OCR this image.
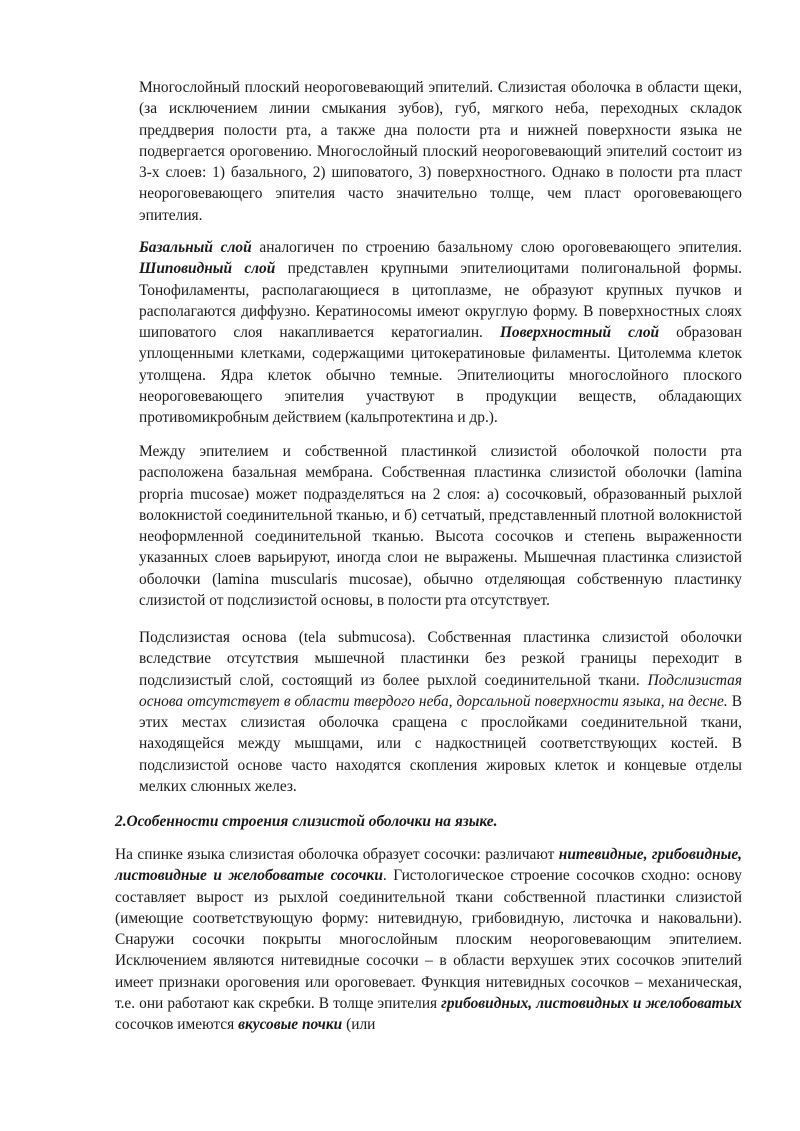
Многослойный плоский неороговевающий эпителий. Слизистая оболочка в области щеки, (за исключением линии смыкания зубов), губ, мягкого неба, переходных складок преддверия полости рта, а также дна полости рта и нижней поверхности языка не подвергается ороговению. Многослойный плоский неороговевающий эпителий состоит из 3-х слоев: 1) базального, 2) шиповатого, 3) поверхностного. Однако в полости рта пласт неороговевающего эпителия часто значительно толще, чем пласт ороговевающего эпителия.

Базальный слой аналогичен по строению базальному слою ороговевающего эпителия. Шиповидный слой представлен крупными эпителиоцитами полигональной формы. Тонофиламенты, располагающиеся в цитоплазме, не образуют крупных пучков и располагаются диффузно. Кератиносомы имеют округлую форму. В поверхностных слоях шиповатого слоя накапливается кератогиалин. Поверхностный слой образован уплощенными клетками, содержащими цитокератиновые филаменты. Цитолемма клеток утолщена. Ядра клеток обычно темные. Эпителиоциты многослойного плоского неороговевающего эпителия участвуют в продукции веществ, обладающих противомикробным действием (кальпротектина и др.).

Между эпителием и собственной пластинкой слизистой оболочкой полости рта расположена базальная мембрана. Собственная пластинка слизистой оболочки (lamina propria mucosae) может подразделяться на 2 слоя: а) сосочковый, образованный рыхлой волокнистой соединительной тканью, и б) сетчатый, представленный плотной волокнистой неоформленной соединительной тканью. Высота сосочков и степень выраженности указанных слоев варьируют, иногда слои не выражены. Мышечная пластинка слизистой оболочки (lamina muscularis mucosae), обычно отделяющая собственную пластинку слизистой от подслизистой основы, в полости рта отсутствует.

Подслизистая основа (tela submucosa). Собственная пластинка слизистой оболочки вследствие отсутствия мышечной пластинки без резкой границы переходит в подслизистый слой, состоящий из более рыхлой соединительной ткани. Подслизистая основа отсутствует в области твердого неба, дорсальной поверхности языка, на десне. В этих местах слизистая оболочка сращена с прослойками соединительной ткани, находящейся между мышцами, или с надкостницей соответствующих костей. В подслизистой основе часто находятся скопления жировых клеток и концевые отделы мелких слюнных желез.

2.Особенности строения слизистой оболочки на языке.

На спинке языка слизистая оболочка образует сосочки: различают нитевидные, грибовидные, листовидные и желобоватые сосочки. Гистологическое строение сосочков сходно: основу составляет вырост из рыхлой соединительной ткани собственной пластинки слизистой (имеющие соответствующую форму: нитевидную, грибовидную, листочка и наковальни). Снаружи сосочки покрыты многослойным плоским неороговевающим эпителием. Исключением являются нитевидные сосочки – в области верхушек этих сосочков эпителий имеет признаки ороговения или ороговевает. Функция нитевидных сосочков – механическая, т.е. они работают как скребки. В толще эпителия грибовидных, листовидных и желобоватых сосочков имеются вкусовые почки (или
